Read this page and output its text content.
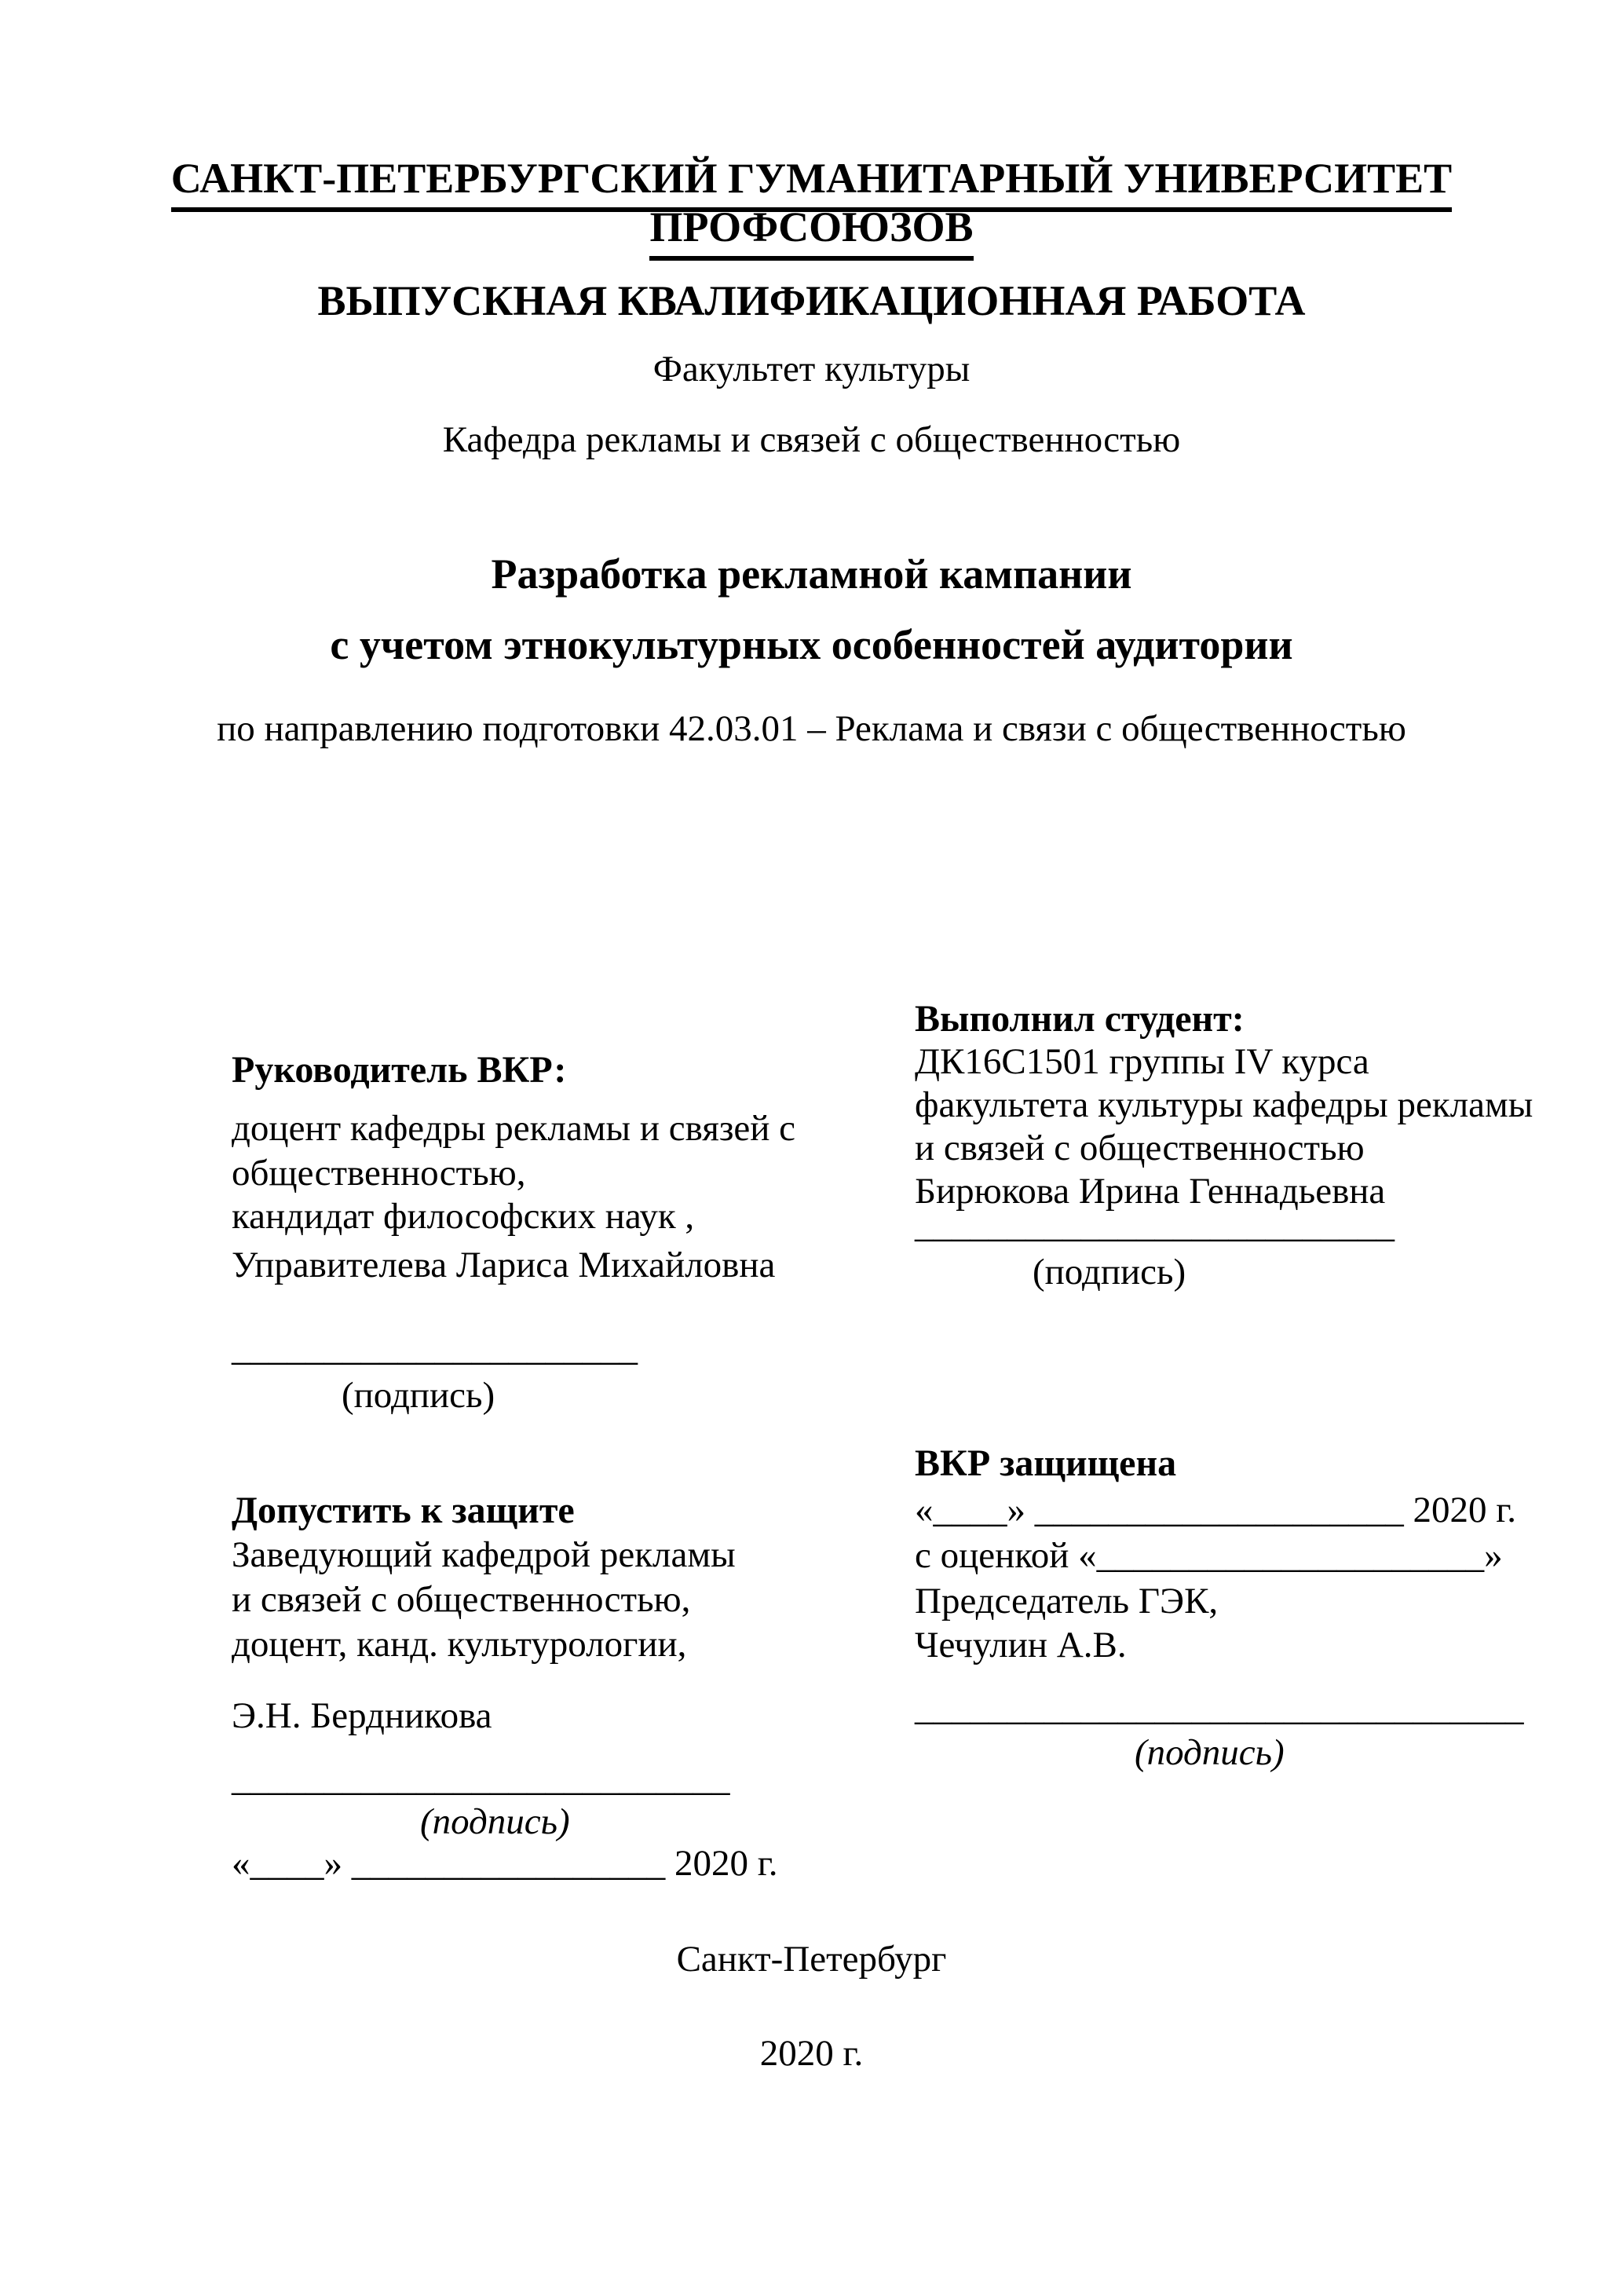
САНКТ-ПЕТЕРБУРГСКИЙ ГУМАНИТАРНЫЙ УНИВЕРСИТЕТ
ПРОФСОЮЗОВ
ВЫПУСКНАЯ КВАЛИФИКАЦИОННАЯ РАБОТА
Факультет культуры
Кафедра рекламы и связей с общественностью
Разработка рекламной кампании
с учетом этнокультурных особенностей аудитории
по направлению подготовки 42.03.01 – Реклама и связи с общественностью
Выполнил студент:
ДК16С1501 группы IV курса
факультета культуры кафедры рекламы
и связей с общественностью
Бирюкова Ирина Геннадьевна
__________________________
(подпись)
Руководитель ВКР:
доцент кафедры рекламы и связей с
общественностью,
кандидат философских наук ,
Управителева Лариса Михайловна
______________________
(подпись)
ВКР защищена
«____» ____________________ 2020 г.
с оценкой «_____________________»
Председатель ГЭК,
Чечулин А.В.
_________________________________
(подпись)
Допустить к защите
Заведующий кафедрой рекламы
и связей с общественностью,
доцент, канд. культурологии,
Э.Н. Бердникова
___________________________
(подпись)
«____» _________________ 2020 г.
Санкт-Петербург
2020 г.
